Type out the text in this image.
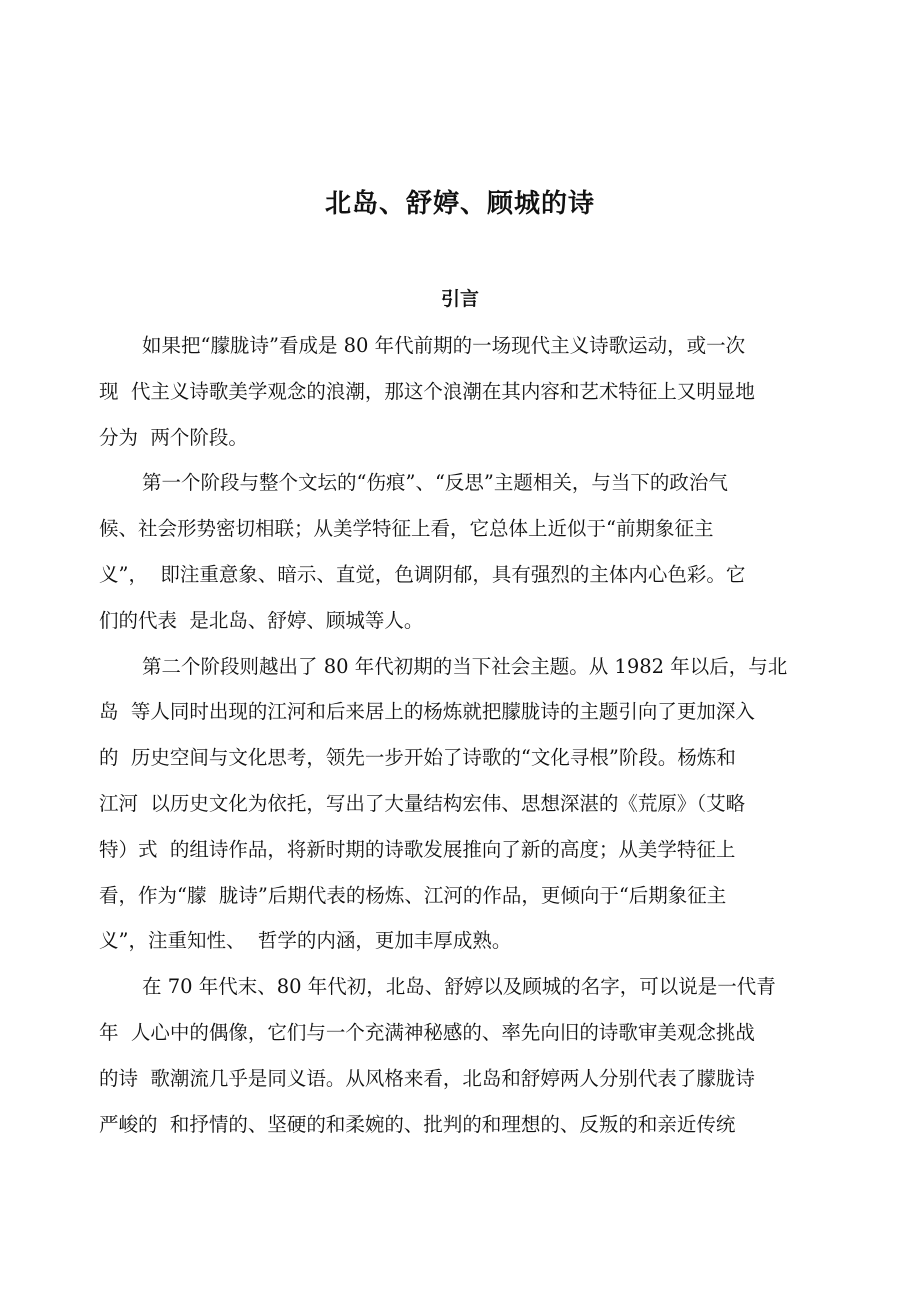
北岛、舒婷、顾城的诗
引言
如果把“朦胧诗”看成是 80 年代前期的一场现代主义诗歌运动，或一次
现  代主义诗歌美学观念的浪潮，那这个浪潮在其内容和艺术特征上又明显地
分为  两个阶段。
第一个阶段与整个文坛的“伤痕”、“反思”主题相关，与当下的政治气
候、社会形势密切相联；从美学特征上看，它总体上近似于“前期象征主
义”，  即注重意象、暗示、直觉，色调阴郁，具有强烈的主体内心色彩。它
们的代表  是北岛、舒婷、顾城等人。
第二个阶段则越出了 80 年代初期的当下社会主题。从 1982 年以后，与北
岛  等人同时出现的江河和后来居上的杨炼就把朦胧诗的主题引向了更加深入
的  历史空间与文化思考，领先一步开始了诗歌的“文化寻根”阶段。杨炼和
江河  以历史文化为依托，写出了大量结构宏伟、思想深湛的《荒原》（艾略
特）式  的组诗作品，将新时期的诗歌发展推向了新的高度；从美学特征上
看，作为“朦  胧诗”后期代表的杨炼、江河的作品，更倾向于“后期象征主
义”，注重知性、  哲学的内涵，更加丰厚成熟。
在 70 年代末、80 年代初，北岛、舒婷以及顾城的名字，可以说是一代青
年  人心中的偶像，它们与一个充满神秘感的、率先向旧的诗歌审美观念挑战
的诗  歌潮流几乎是同义语。从风格来看，北岛和舒婷两人分别代表了朦胧诗
严峻的  和抒情的、坚硬的和柔婉的、批判的和理想的、反叛的和亲近传统
